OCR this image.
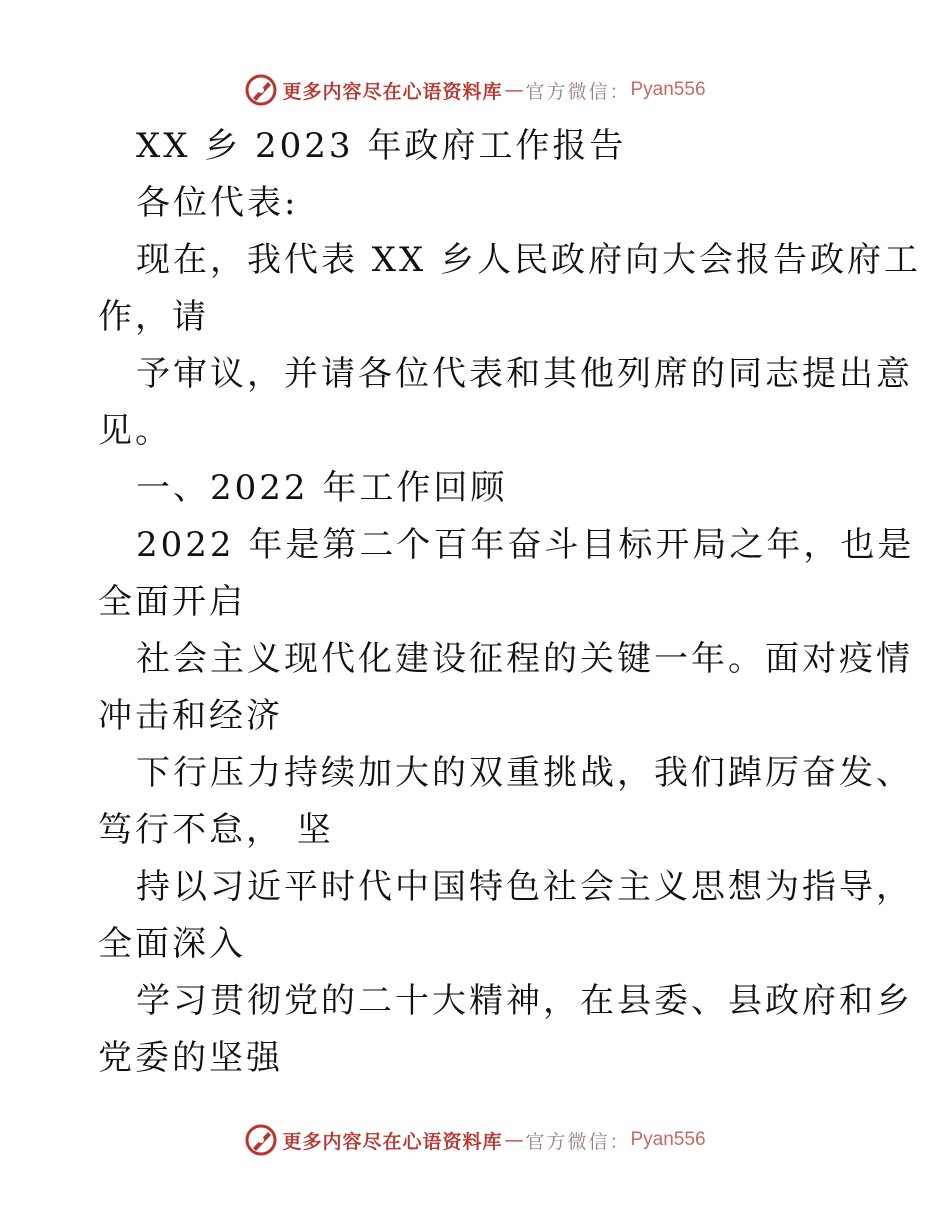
更多内容尽在心语资料库 — 官方微信： Pyan556
XX 乡 2023 年政府工作报告
各位代表:
现在，我代表 XX 乡人民政府向大会报告政府工
作，请
予审议，并请各位代表和其他列席的同志提出意
见。
一、2022 年工作回顾
2022 年是第二个百年奋斗目标开局之年，也是
全面开启
社会主义现代化建设征程的关键一年。面对疫情
冲击和经济
下行压力持续加大的双重挑战，我们踔厉奋发、
笃行不怠， 坚
持以习近平时代中国特色社会主义思想为指导，
全面深入
学习贯彻党的二十大精神，在县委、县政府和乡
党委的坚强
更多内容尽在心语资料库 — 官方微信： Pyan556
